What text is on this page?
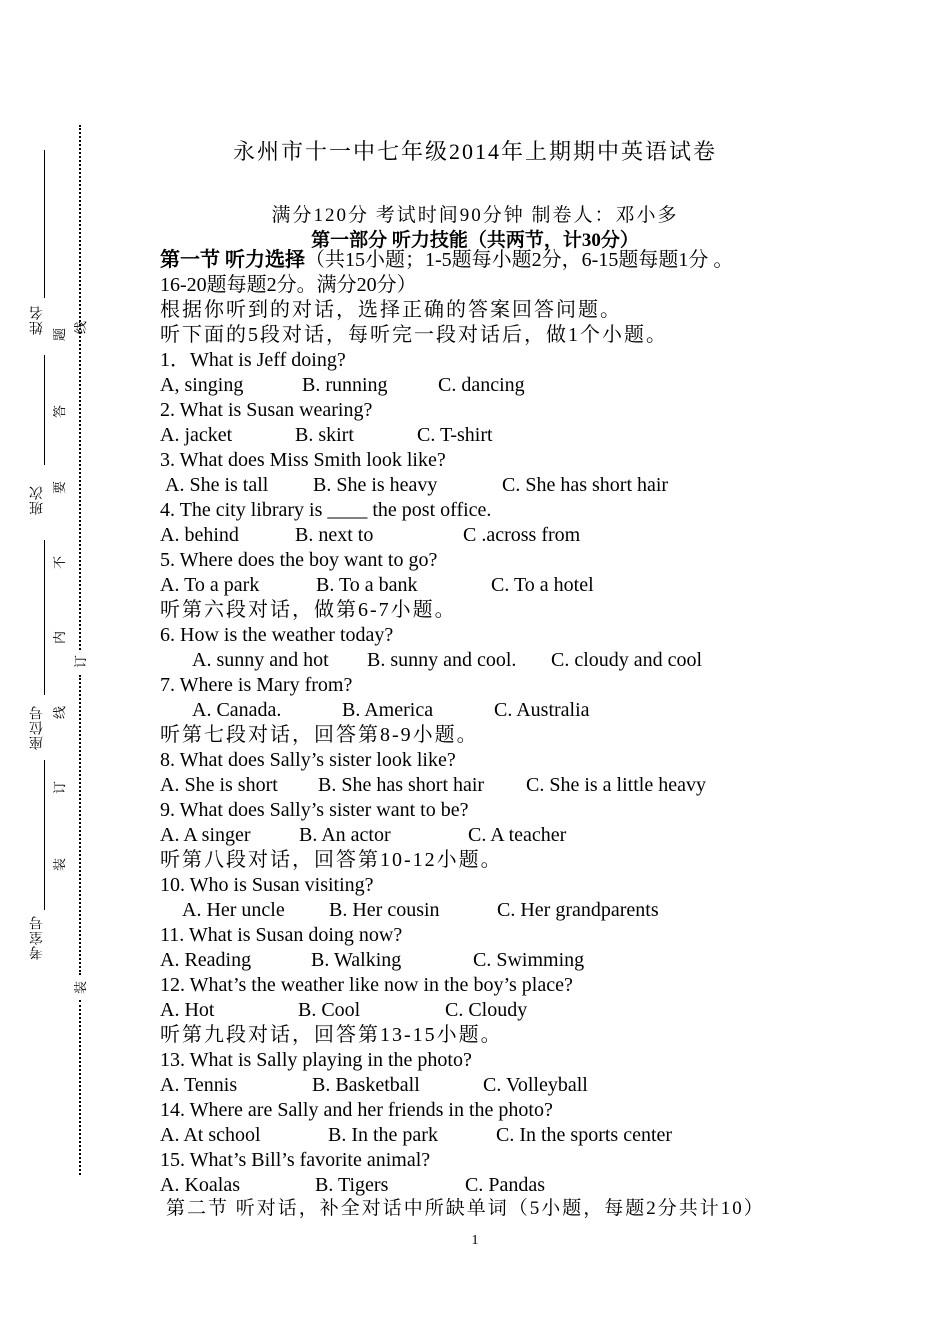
姓名
班次
座位号
考室号
题
答
要
不
内
线
线
订
订
装
装
永州市十一中七年级2014年上期期中英语试卷
满分120分 考试时间90分钟 制卷人：邓小多
第一部分 听力技能（共两节，计30分）
第一节 听力选择（共15小题；1-5题每小题2分，6-15题每题1分 。
16-20题每题2分。满分20分）
根据你听到的对话，选择正确的答案回答问题。
听下面的5段对话，每听完一段对话后，做1个小题。
1．What is Jeff doing?
A, singing	B. running	C. dancing
2. What is Susan wearing?
A. jacket	B. skirt	C. T-shirt
3. What does Miss Smith look like?
A. She is tall B. She is heavy	C. She has short hair
4. The city library is ____ the post office.
A. behind	B. next to	C .across from
5. Where does the boy want to go?
A. To a park	B. To a bank	C. To a hotel
听第六段对话，做第6-7小题。
6. How is the weather today?
A. sunny and hot B. sunny and cool. C. cloudy and cool
7. Where is Mary from?
A. Canada.	B. America	C. Australia
听第七段对话，回答第8-9小题。
8. What does Sally’s sister look like?
A. She is short B. She has short hair C. She is a little heavy
9. What does Sally’s sister want to be?
A. A singer B. An actor	C. A teacher
听第八段对话，回答第10-12小题。
10. Who is Susan visiting?
A. Her uncle B. Her cousin	C. Her grandparents
11. What is Susan doing now?
A. Reading	B. Walking	C. Swimming
12. What’s the weather like now in the boy’s place?
A. Hot	B. Cool	C. Cloudy
听第九段对话，回答第13-15小题。
13. What is Sally playing in the photo?
A. Tennis	B. Basketball	C. Volleyball
14. Where are Sally and her friends in the photo?
A. At school	B. In the park	C. In the sports center
15. What’s Bill’s favorite animal?
A. Koalas	B. Tigers	C. Pandas
第二节 听对话，补全对话中所缺单词（5小题，每题2分共计10）
1
